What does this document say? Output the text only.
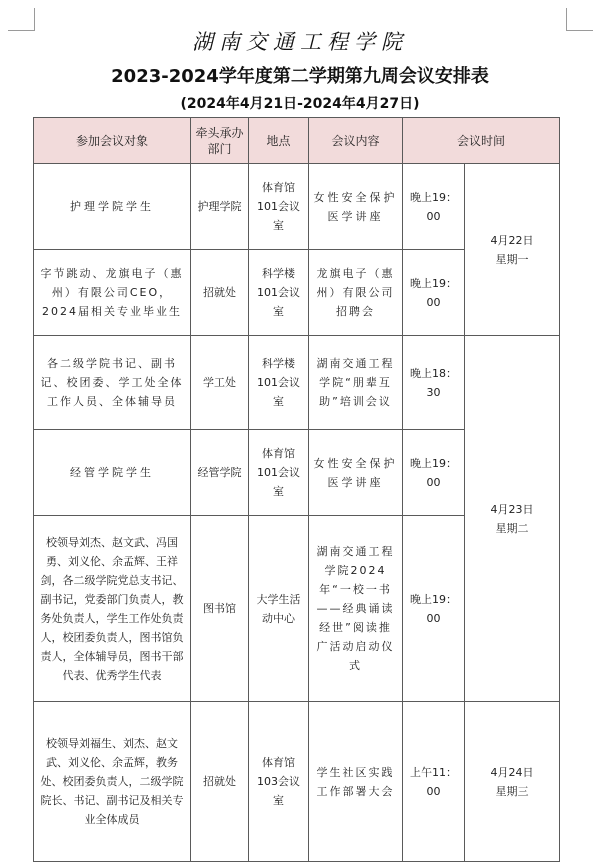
湖南交通工程学院
2023-2024学年度第二学期第九周会议安排表
(2024年4月21日-2024年4月27日)
参加会议对象	牵头承办部门	地点	会议内容	会议时间	
护理学院学生	护理学院	体育馆101会议室	女性安全保护医学讲座	晚上19：00	4月22日
星期一

字节跳动、龙旗电子（惠州）有限公司CEO，2024届相关专业毕业生	招就处	科学楼101会议室	龙旗电子（惠州）有限公司招聘会	晚上19：00	
各二级学院书记、副书记、校团委、学工处全体工作人员、全体辅导员	学工处	科学楼101会议室	湖南交通工程学院“朋辈互助”培训会议	晚上18：30	4月23日
星期二

经管学院学生	经管学院	体育馆101会议室	女性安全保护医学讲座	晚上19：00	
校领导刘杰、赵文武、冯国勇、刘义伦、余孟辉、王祥剑，各二级学院党总支书记、副书记，党委部门负责人，教务处负责人，学生工作处负责人，校团委负责人，图书馆负责人，全体辅导员，图书干部代表、优秀学生代表	图书馆	大学生活动中心	湖南交通工程学院2024年“一校一书——经典诵读经世”阅读推广活动启动仪式	晚上19：00	
校领导刘福生、刘杰、赵文武、刘义伦、余孟辉，教务处、校团委负责人，二级学院院长、书记、副书记及相关专业全体成员	招就处	体育馆103会议室	学生社区实践工作部署大会	上午11：00	4月24日
星期三
